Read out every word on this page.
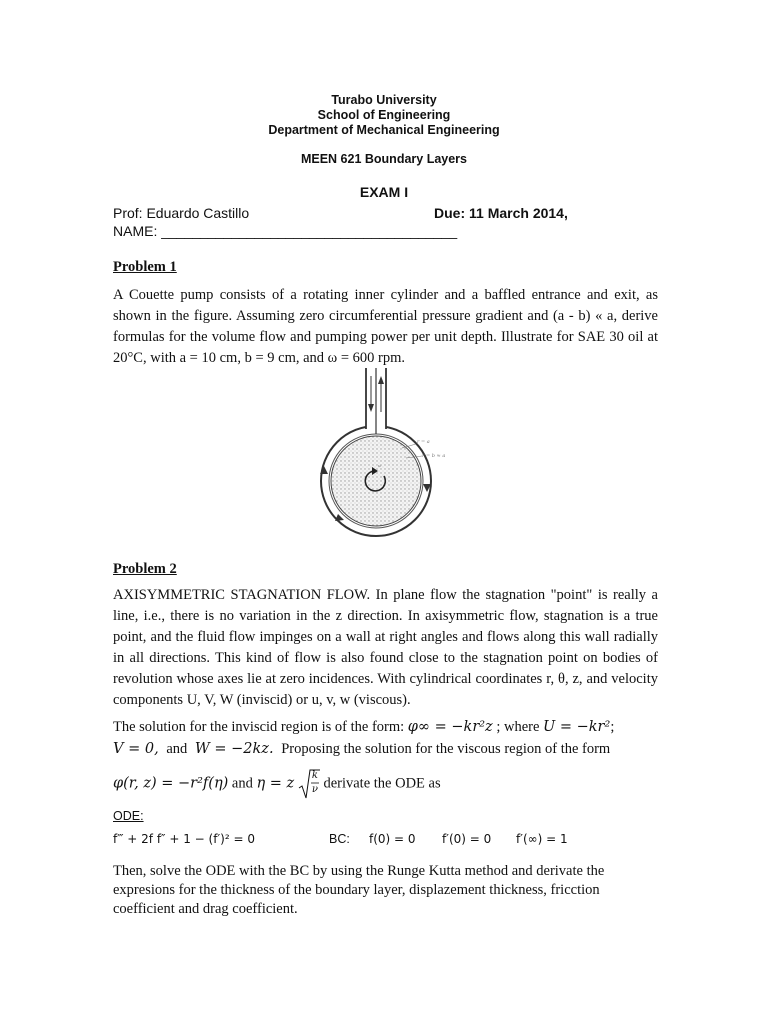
Turabo University
School of Engineering
Department of Mechanical Engineering
MEEN 621 Boundary Layers
EXAM I
Prof: Eduardo Castillo	Due: 11 March 2014,
NAME: ______________________________________
Problem 1
A Couette pump consists of a rotating inner cylinder and a baffled entrance and exit, as shown in the figure. Assuming zero circumferential pressure gradient and (a - b) « a, derive formulas for the volume flow and pumping power per unit depth. Illustrate for SAE 30 oil at 20°C, with a = 10 cm, b = 9 cm, and ω = 600 rpm.
ω
r = a
r = b ≈ a
Problem 2
AXISYMMETRIC STAGNATION FLOW. In plane flow the stagnation "point" is really a line, i.e., there is no variation in the z direction. In axisymmetric flow, stagnation is a true point, and the fluid flow impinges on a wall at right angles and flows along this wall radially in all directions. This kind of flow is also found close to the stagnation point on bodies of revolution whose axes lie at zero incidences. With cylindrical coordinates r, θ, z, and velocity components U, V, W (inviscid) or u, v, w (viscous).
The solution for the inviscid region is of the form: φ∞ = −kr²z ; where U = −kr²;
V = 0, and W = −2kz. Proposing the solution for the viscous region of the form
φ(r, z) = −r²f(η) and η = z k
ν derivate the ODE as
ODE:
f‴ + 2f f″ + 1 − (f′)² = 0	BC: f(0) = 0 f′(0) = 0 f′(∞) = 1
Then, solve the ODE with the BC by using the Runge Kutta method and derivate the expresions for the thickness of the boundary layer, displazement thickness, fricction coefficient and drag coefficient.
